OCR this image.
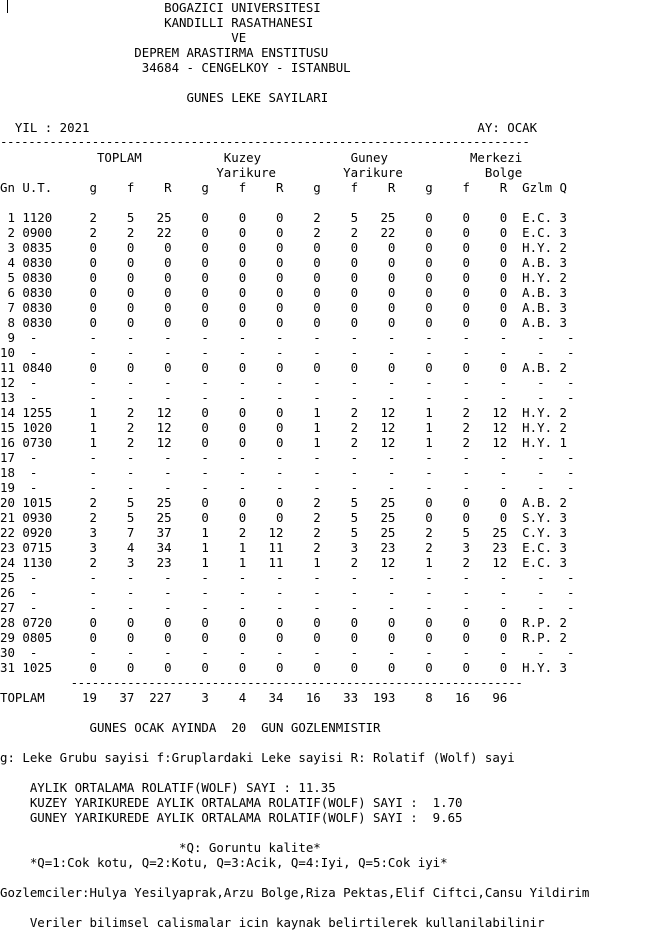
BOGAZICI UNIVERSITESI
KANDILLI RASATHANESI
VE
DEPREM ARASTIRMA ENSTITUSU
34684 - CENGELKOY - ISTANBUL
GUNES LEKE SAYILARI
YIL : 2021                                                    AY: OCAK
---------------------------------------------------------------------------
TOPLAM           Kuzey            Guney           Merkezi
Yarikure         Yarikure           Bolge
Gn U.T.     g    f    R    g    f    R    g    f    R    g    f    R  Gzlm Q
1 1120     2    5   25    0    0    0    2    5   25    0    0    0  E.C. 3
2 0900     2    2   22    0    0    0    2    2   22    0    0    0  E.C. 3
3 0835     0    0    0    0    0    0    0    0    0    0    0    0  H.Y. 2
4 0830     0    0    0    0    0    0    0    0    0    0    0    0  A.B. 3
5 0830     0    0    0    0    0    0    0    0    0    0    0    0  H.Y. 2
6 0830     0    0    0    0    0    0    0    0    0    0    0    0  A.B. 3
7 0830     0    0    0    0    0    0    0    0    0    0    0    0  A.B. 3
8 0830     0    0    0    0    0    0    0    0    0    0    0    0  A.B. 3
9  -       -    -    -    -    -    -    -    -    -    -    -    -    -   -
10  -       -    -    -    -    -    -    -    -    -    -    -    -    -   -
11 0840     0    0    0    0    0    0    0    0    0    0    0    0  A.B. 2
12  -       -    -    -    -    -    -    -    -    -    -    -    -    -   -
13  -       -    -    -    -    -    -    -    -    -    -    -    -    -   -
14 1255     1    2   12    0    0    0    1    2   12    1    2   12  H.Y. 2
15 1020     1    2   12    0    0    0    1    2   12    1    2   12  H.Y. 2
16 0730     1    2   12    0    0    0    1    2   12    1    2   12  H.Y. 1
17  -       -    -    -    -    -    -    -    -    -    -    -    -    -   -
18  -       -    -    -    -    -    -    -    -    -    -    -    -    -   -
19  -       -    -    -    -    -    -    -    -    -    -    -    -    -   -
20 1015     2    5   25    0    0    0    2    5   25    0    0    0  A.B. 2
21 0930     2    5   25    0    0    0    2    5   25    0    0    0  S.Y. 3
22 0920     3    7   37    1    2   12    2    5   25    2    5   25  C.Y. 3
23 0715     3    4   34    1    1   11    2    3   23    2    3   23  E.C. 3
24 1130     2    3   23    1    1   11    1    2   12    1    2   12  E.C. 3
25  -       -    -    -    -    -    -    -    -    -    -    -    -    -   -
26  -       -    -    -    -    -    -    -    -    -    -    -    -    -   -
27  -       -    -    -    -    -    -    -    -    -    -    -    -    -   -
28 0720     0    0    0    0    0    0    0    0    0    0    0    0  R.P. 2
29 0805     0    0    0    0    0    0    0    0    0    0    0    0  R.P. 2
30  -       -    -    -    -    -    -    -    -    -    -    -    -    -   -
31 1025     0    0    0    0    0    0    0    0    0    0    0    0  H.Y. 3
----------------------------------------------------------------
TOPLAM     19   37  227    3    4   34   16   33  193    8   16   96
GUNES OCAK AYINDA  20  GUN GOZLENMISTIR
g: Leke Grubu sayisi f:Gruplardaki Leke sayisi R: Rolatif (Wolf) sayi
AYLIK ORTALAMA ROLATIF(WOLF) SAYI : 11.35
KUZEY YARIKUREDE AYLIK ORTALAMA ROLATIF(WOLF) SAYI :  1.70
GUNEY YARIKUREDE AYLIK ORTALAMA ROLATIF(WOLF) SAYI :  9.65
*Q: Goruntu kalite*
*Q=1:Cok kotu, Q=2:Kotu, Q=3:Acik, Q=4:Iyi, Q=5:Cok iyi*
Gozlemciler:Hulya Yesilyaprak,Arzu Bolge,Riza Pektas,Elif Ciftci,Cansu Yildirim
Veriler bilimsel calismalar icin kaynak belirtilerek kullanilabilinir
